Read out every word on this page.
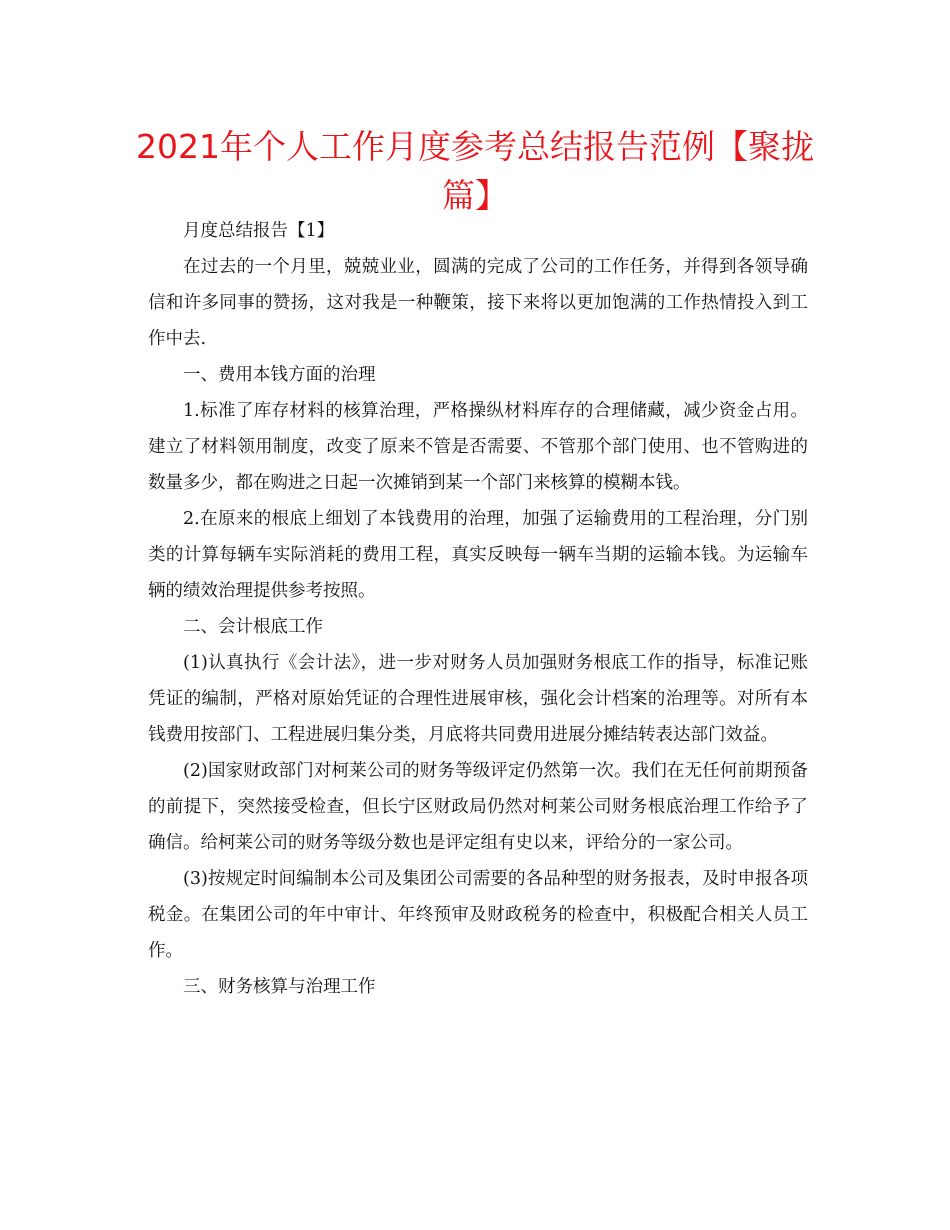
2021年个人工作月度参考总结报告范例【聚拢篇】

月度总结报告【1】

在过去的一个月里，兢兢业业，圆满的完成了公司的工作任务，并得到各领导确信和许多同事的赞扬，这对我是一种鞭策，接下来将以更加饱满的工作热情投入到工作中去.

一、费用本钱方面的治理

1.标准了库存材料的核算治理，严格操纵材料库存的合理储藏，减少资金占用。建立了材料领用制度，改变了原来不管是否需要、不管那个部门使用、也不管购进的数量多少，都在购进之日起一次摊销到某一个部门来核算的模糊本钱。

2.在原来的根底上细划了本钱费用的治理，加强了运输费用的工程治理，分门别类的计算每辆车实际消耗的费用工程，真实反映每一辆车当期的运输本钱。为运输车辆的绩效治理提供参考按照。

二、会计根底工作

(1)认真执行《会计法》，进一步对财务人员加强财务根底工作的指导，标准记账凭证的编制，严格对原始凭证的合理性进展审核，强化会计档案的治理等。对所有本钱费用按部门、工程进展归集分类，月底将共同费用进展分摊结转表达部门效益。

(2)国家财政部门对柯莱公司的财务等级评定仍然第一次。我们在无任何前期预备的前提下，突然接受检查，但长宁区财政局仍然对柯莱公司财务根底治理工作给予了确信。给柯莱公司的财务等级分数也是评定组有史以来，评给分的一家公司。

(3)按规定时间编制本公司及集团公司需要的各品种型的财务报表，及时申报各项税金。在集团公司的年中审计、年终预审及财政税务的检查中，积极配合相关人员工作。

三、财务核算与治理工作
